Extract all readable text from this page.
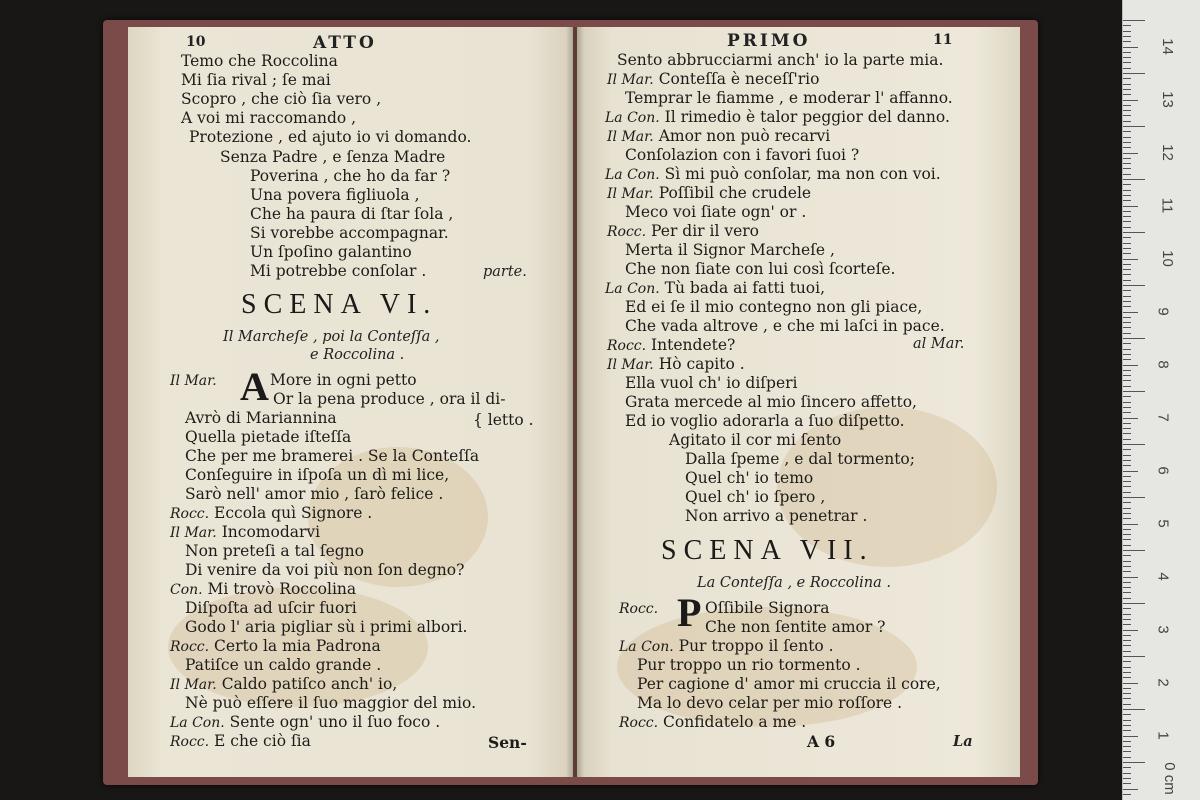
10	ATTO
Temo che Roccolina
Mi ſia rival ; ſe mai
Scopro , che ciò ſia vero ,
A voi mi raccomando ,
Protezione , ed ajuto io vi domando.
Senza Padre , e ſenza Madre
Poverina , che ho da far ?
Una povera figliuola ,
Che ha paura di ſtar ſola ,
Si vorebbe accompagnar.
Un ſpoſino galantino
Mi potrebbe conſolar .	parte.
SCENA VI.
Il Marcheſe , poi la Conteſſa ,
e Roccolina .
A
Il Mar.	More in ogni petto
Or la pena produce , ora il di-
Avrò di Mariannina	{ letto .
Quella pietade iſteſſa
Che per me bramerei . Se la Conteſſa
Conſeguire in iſpoſa un dì mi lice,
Sarò nell' amor mio , ſarò felice .
Rocc. Eccola quì Signore .
Il Mar. Incomodarvi
Non preteſi a tal ſegno
Di venire da voi più non ſon degno?
Con. Mi trovò Roccolina
Diſpoſta ad uſcir fuori
Godo l' aria pigliar sù i primi albori.
Rocc. Certo la mia Padrona
Patiſce un caldo grande .
Il Mar. Caldo patiſco anch' io,
Nè può eſſere il ſuo maggior del mio.
La Con. Sente ogn' uno il ſuo foco .
Rocc. E che ciò ſia	Sen-
PRIMO	11
Sento abbrucciarmi anch' io la parte mia.
Il Mar. Conteſſa è neceſſ'rio
Temprar le fiamme , e moderar l' affanno.
La Con. Il rimedio è talor peggior del danno.
Il Mar. Amor non può recarvi
Conſolazion con i favori ſuoi ?
La Con. Sì mi può conſolar, ma non con voi.
Il Mar. Poſſibil che crudele
Meco voi ſiate ogn' or .
Rocc. Per dir il vero
Merta il Signor Marcheſe ,
Che non ſiate con lui così ſcorteſe.
La Con. Tù bada ai fatti tuoi,
Ed ei ſe il mio contegno non gli piace,
Che vada altrove , e che mi laſci in pace.
Rocc. Intendete?	al Mar.
Il Mar. Hò capito .
Ella vuol ch' io diſperi
Grata mercede al mio ſincero affetto,
Ed io voglio adorarla a ſuo diſpetto.
Agitato il cor mi ſento
Dalla ſpeme , e dal tormento;
Quel ch' io temo
Quel ch' io ſpero ,
Non arrivo a penetrar .
SCENA VII.
La Conteſſa , e Roccolina .
P
Rocc.	Oſſibile Signora
Che non ſentite amor ?
La Con. Pur troppo il ſento .
Pur troppo un rio tormento .
Per cagione d' amor mi cruccia il core,
Ma lo devo celar per mio roſſore .
Rocc. Confidatelo a me .
A 6	La
14
13
12
11
10
9
8
7
6
5
4
3
2
1
0 cm
